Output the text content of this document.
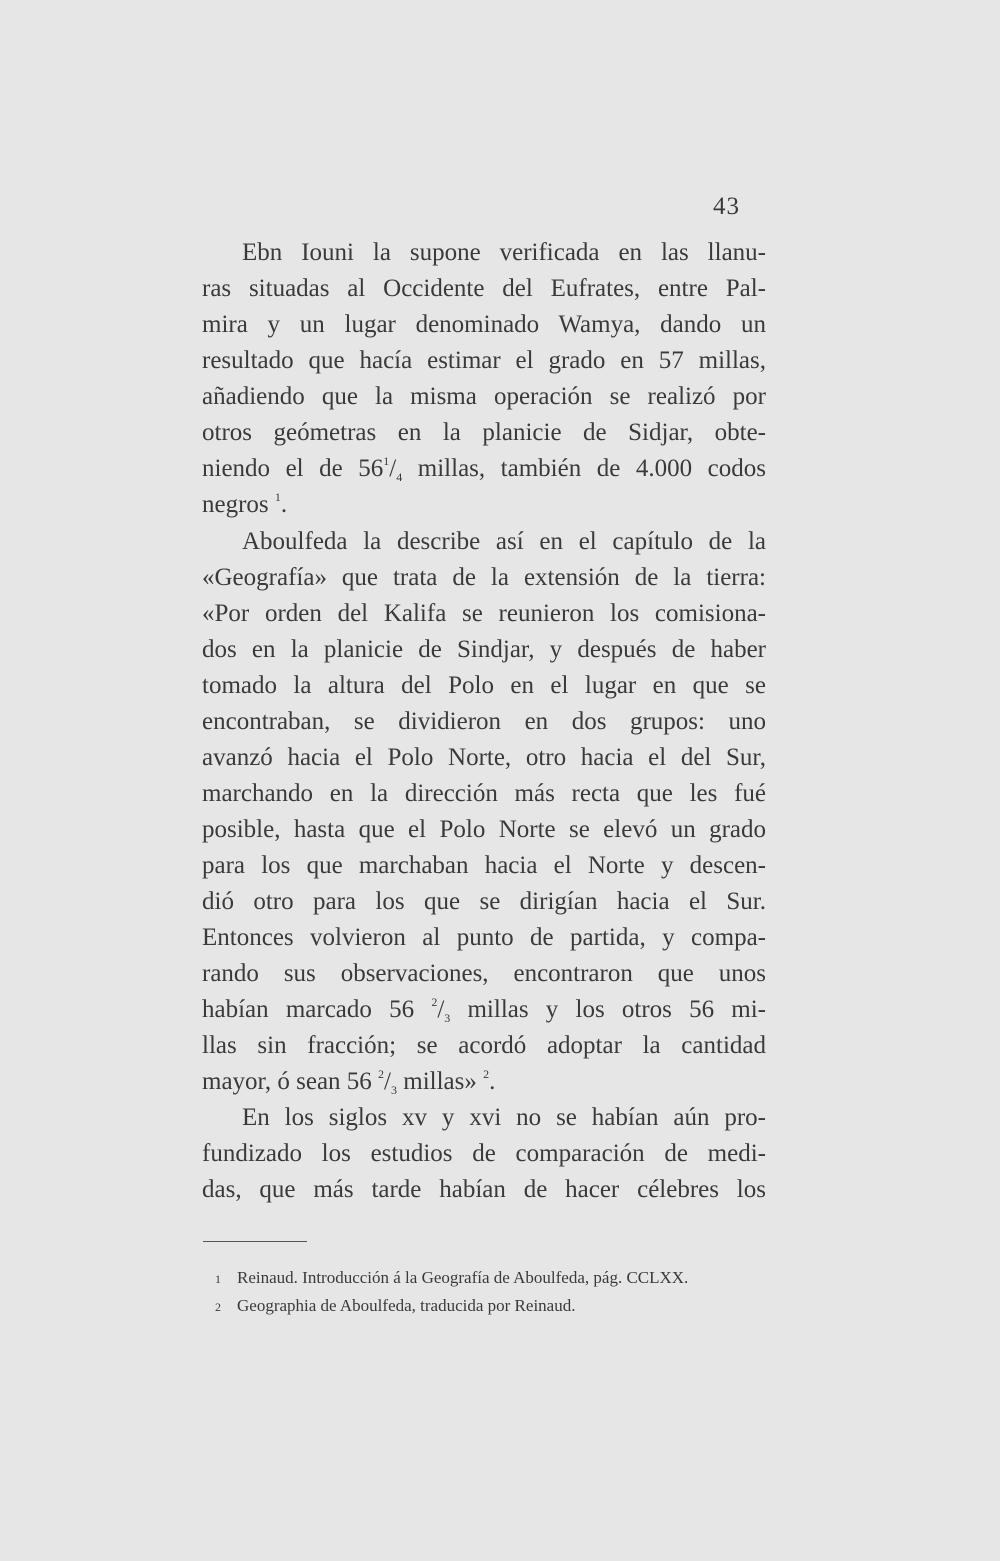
43
Ebn Iouni la supone verificada en las llanu-
ras situadas al Occidente del Eufrates, entre Pal-
mira y un lugar denominado Wamya, dando un
resultado que hacía estimar el grado en 57 millas,
añadiendo que la misma operación se realizó por
otros geómetras en la planicie de Sidjar, obte-
niendo el de $56^1/_4$ millas, también de 4.000 codos
negros $^1$.
Aboulfeda la describe así en el capítulo de la
«Geografía» que trata de la extensión de la tierra:
«Por orden del Kalifa se reunieron los comisiona-
dos en la planicie de Sindjar, y después de haber
tomado la altura del Polo en el lugar en que se
encontraban, se dividieron en dos grupos: uno
avanzó hacia el Polo Norte, otro hacia el del Sur,
marchando en la dirección más recta que les fué
posible, hasta que el Polo Norte se elevó un grado
para los que marchaban hacia el Norte y descen-
dió otro para los que se dirigían hacia el Sur.
Entonces volvieron al punto de partida, y compa-
rando sus observaciones, encontraron que unos
habían marcado 56 $^2/_3$ millas y los otros 56 mi-
llas sin fracción; se acordó adoptar la cantidad
mayor, ó sean 56 $^2/_3$ millas» $^2$.
En los siglos xv y xvi no se habían aún pro-
fundizado los estudios de comparación de medi-
das, que más tarde habían de hacer célebres los
1 Reinaud. Introducción á la Geografía de Aboulfeda, pág. CCLXX.
2 Geographia de Aboulfeda, traducida por Reinaud.
